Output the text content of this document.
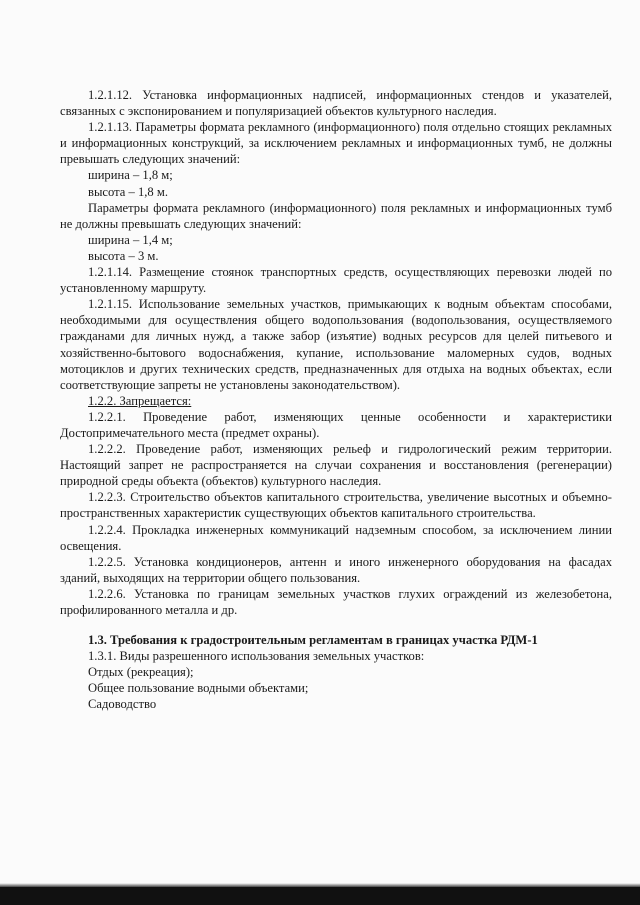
1.2.1.12. Установка информационных надписей, информационных стендов и указателей, связанных с экспонированием и популяризацией объектов культурного наследия.

1.2.1.13. Параметры формата рекламного (информационного) поля отдельно стоящих рекламных и информационных конструкций, за исключением рекламных и информационных тумб, не должны превышать следующих значений:

ширина – 1,8 м;

высота – 1,8 м.

Параметры формата рекламного (информационного) поля рекламных и информационных тумб не должны превышать следующих значений:

ширина – 1,4 м;

высота – 3 м.

1.2.1.14. Размещение стоянок транспортных средств, осуществляющих перевозки людей по установленному маршруту.

1.2.1.15. Использование земельных участков, примыкающих к водным объектам способами, необходимыми для осуществления общего водопользования (водопользования, осуществляемого гражданами для личных нужд, а также забор (изъятие) водных ресурсов для целей питьевого и хозяйственно-бытового водоснабжения, купание, использование маломерных судов, водных мотоциклов и других технических средств, предназначенных для отдыха на водных объектах, если соответствующие запреты не установлены законодательством).

1.2.2. Запрещается:

1.2.2.1. Проведение работ, изменяющих ценные особенности и характеристики Достопримечательного места (предмет охраны).

1.2.2.2. Проведение работ, изменяющих рельеф и гидрологический режим территории. Настоящий запрет не распространяется на случаи сохранения и восстановления (регенерации) природной среды объекта (объектов) культурного наследия.

1.2.2.3. Строительство объектов капитального строительства, увеличение высотных и объемно-пространственных характеристик существующих объектов капитального строительства.

1.2.2.4. Прокладка инженерных коммуникаций надземным способом, за исключением линии освещения.

1.2.2.5. Установка кондиционеров, антенн и иного инженерного оборудования на фасадах зданий, выходящих на территории общего пользования.

1.2.2.6. Установка по границам земельных участков глухих ограждений из железобетона, профилированного металла и др.

1.3. Требования к градостроительным регламентам в границах участка РДМ-1

1.3.1. Виды разрешенного использования земельных участков:

Отдых (рекреация);

Общее пользование водными объектами;

Садоводство
